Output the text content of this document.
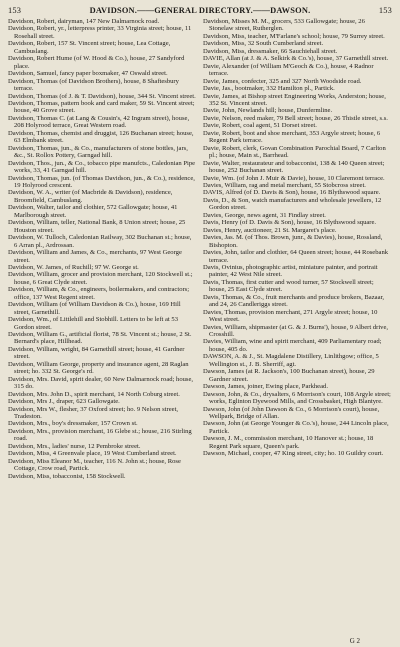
153	DAVIDSON.——GENERAL DIRECTORY.——DAWSON.	153

Davidson, Robert, dairyman, 147 New Dalmarnock road.

Davidson, Robert, yr., letterpress printer, 33 Virginia street; house, 11 Rosehall street.

Davidson, Robert, 157 St. Vincent street; house, Lea Cottage, Cambuslang.

Davidson, Robert Hume (of W. Hood & Co.), house, 27 Sandyford place.

Davidson, Samuel, fancy paper boxmaker, 47 Oswald street.

Davidson, Thomas (of Davidson Brothers), house, 8 Shaftesbury terrace.

Davidson, Thomas (of J. & T. Davidson), house, 344 St. Vincent street.

Davidson, Thomas, pattern book and card maker, 59 St. Vincent street; house, 40 Grove street.

Davidson, Thomas C. (at Lang & Cousin's, 42 Ingram street), house, 208 Holyrood terrace, Great Western road.

Davidson, Thomas, chemist and druggist, 126 Buchanan street; house, 63 Elmbank street.

Davidson, Thomas, jun., & Co., manufacturers of stone bottles, jars, &c., St. Rollox Pottery, Garngad hill.

Davidson, Thos., jun., & Co., tobacco pipe manufcts., Caledonian Pipe works, 33, 41 Garngad hill.

Davidson, Thomas, jun. (of Thomas Davidson, jun., & Co.), residence, 19 Holyrood crescent.

Davidson, W. A., writer (of Macbride & Davidson), residence, Broomfield, Cambuslang.

Davidson, Walter, tailor and clothier, 572 Gallowgate; house, 41 Marlborough street.

Davidson, William, teller, National Bank, 8 Union street; house, 25 Houston street.

Davidson, W. Tulloch, Caledonian Railway, 302 Buchanan st.; house, 6 Arran pl., Ardrossan.

Davidson, William and James, & Co., merchants, 97 West George street.

Davidson, W. James, of Ruchill; 97 W. George st.

Davidson, William, grocer and provision merchant, 120 Stockwell st.; house, 6 Great Clyde street.

Davidson, William, & Co., engineers, boilermakers, and contractors; office, 137 West Regent street.

Davidson, William (of William Davidson & Co.), house, 169 Hill street, Garnethill.

Davidson, Wm., of Littlehill and Stobhill. Letters to be left at 53 Gordon street.

Davidson, William G., artificial florist, 78 St. Vincent st.; house, 2 St. Bernard's place, Hillhead.

Davidson, William, wright, 84 Garnethill street; house, 41 Gardner street.

Davidson, William George, property and insurance agent, 28 Raglan street; ho. 332 St. George's rd.

Davidson, Mrs. David, spirit dealer, 60 New Dalmarnock road; house, 315 do.

Davidson, Mrs. John D., spirit merchant, 14 North Coburg street.

Davidson, Mrs J., draper, 623 Gallowgate.

Davidson, Mrs W., flesher, 37 Oxford street; ho. 9 Nelson street, Tradeston.

Davidson, Mrs., boy's dressmaker, 157 Crown st.

Davidson, Mrs., provision merchant, 16 Glebe st.; house, 216 Stirling road.

Davidson, Mrs., ladies' nurse, 12 Pembroke street.

Davidson, Miss, 4 Greenvale place, 19 West Cumberland street.

Davidson, Miss Eleanor M., teacher, 116 N. John st.; house, Rose Cottage, Crow road, Partick.

Davidson, Miss, tobacconist, 158 Stockwell.

Davidson, Misses M. M., grocers, 533 Gallowgate; house, 26 Stonelaw street, Rutherglen.

Davidson, Miss, teacher, M'Farlane's school; house, 79 Surrey street.

Davidson, Miss, 32 South Cumberland street.

Davidson, Miss, dressmaker, 66 Sauchiehall street.

DAVIE, Allan (at J. & A. Selkirk & Co.'s), house, 37 Garnethill street.

Davie, Alexander (of William M'Geoch & Co.), house, 4 Radnor terrace.

Davie, James, confecter, 325 and 327 North Woodside road.

Davie, Jas., bootmaker, 332 Hamilton pl., Partick.

Davie, James, at Bishop street Engineering Works, Anderston; house, 352 St. Vincent street.

Davie, John, Newlands hill; house, Dunfermline.

Davie, Nelson, reed maker, 79 Bell street; house, 26 Thistle street, s.s.

Davie, Robert, coal agent, 51 Dorset street.

Davie, Robert, boot and shoe merchant, 353 Argyle street; house, 6 Regent Park terrace.

Davie, Robert, clerk, Govan Combination Parochial Board, 7 Carlton pl.; house, Main st., Barrhead.

Davie, Walter, restaurateur and tobacconist, 138 & 140 Queen street; house, 252 Buchanan street.

Davie, Wm. (of John J. Muir & Davie), house, 10 Claremont terrace.

Davies, William, rag and metal merchant, 55 Stobcross street.

DAVIS, Alfred (of D. Davis & Son), house, 16 Blythswood square.

Davis, D., & Son, watch manufacturers and wholesale jewellers, 12 Gordon street.

Davies, George, news agent, 31 Findlay street.

Davis, Henry (of D. Davis & Son), house, 16 Blythswood square.

Davies, Henry, auctioneer, 21 St. Margaret's place.

Davies, Jas. M. (of Thos. Brown, junr., & Davies), house, Rossland, Bishopton.

Davies, John, tailor and clothier, 64 Queen street; house, 44 Rosebank terrace.

Davis, Ovinius, photographic artist, miniature painter, and portrait painter, 42 West Nile street.

Davis, Thomas, first cutter and wood turner, 57 Stockwell street; house, 25 East Clyde street.

Davis, Thomas, & Co., fruit merchants and produce brokers, Bazaar, and 24, 26 Candleriggs street.

Davies, Thomas, provision merchant, 271 Argyle street; house, 10 West street.

Davies, William, shipmaster (at G. & J. Burns'), house, 9 Albert drive, Crosshill.

Davies, William, wine and spirit merchant, 409 Parliamentary road; house, 405 do.

DAWSON, A. & J., St. Magdalene Distillery, Linlithgow; office, 5 Wellington st., J. B. Sherriff, agt.

Dawson, James (at R. Jackson's, 100 Buchanan street), house, 29 Gardner street.

Dawson, James, joiner, Ewing place, Parkhead.

Dawson, John, & Co., drysalters, 6 Morrison's court, 108 Argyle street; works, Eglinton Dyewood Mills, and Crossbasket, High Blantyre.

Dawson, John (of John Dawson & Co., 6 Morrison's court), house, Wellpark, Bridge of Allan.

Dawson, John (at George Younger & Co.'s), house, 244 Lincoln place, Partick.

Dawson, J. M., commission merchant, 10 Hanover st.; house, 18 Regent Park square, Queen's park.

Dawson, Michael, cooper, 47 King street, city; ho. 10 Guildry court.

G 2
